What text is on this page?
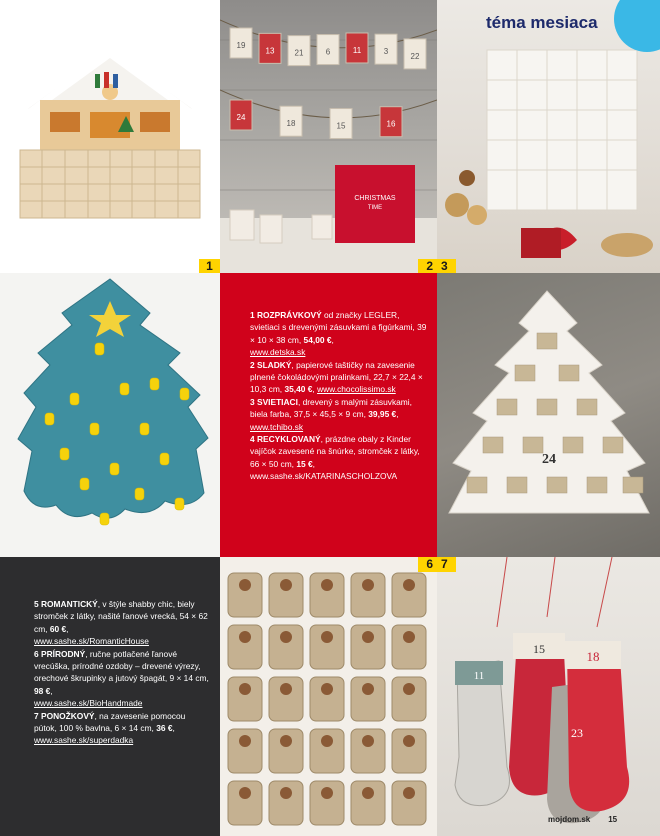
19
13	21	6	11	3
22
24
18	15	16
CHRISTMAS
TIME
téma mesiaca
1	2 3

1 ROZPRÁVKOVÝ od značky LEGLER, svietiaci s drevenými zásuvkami a figúrkami, 39 × 10 × 38 cm, 54,00 €,
www.detska.sk

2 SLADKÝ, papierové taštičky na zavesenie plnené čokoládovými pralinkami, 22,7 × 22,4 × 10,3 cm, 35,40 €, www.chocolissimo.sk

3 SVIETIACI, drevený s malými zásuvkami, biela farba, 37,5 × 45,5 × 9 cm, 39,95 €,
www.tchibo.sk

4 RECYKLOVANÝ, prázdne obaly z Kinder vajíčok zavesené na šnúrke, stromček z látky, 66 × 50 cm, 15 €,
www.sashe.sk/KATARINASCHOLZOVA

24

5 ROMANTICKÝ, v štýle shabby chic, biely stromček z látky, našité ľanové vrecká, 54 × 62 cm, 60 €,
www.sashe.sk/RomanticHouse

6 PRÍRODNÝ, ručne potlačené ľanové vrecúška, prírodné ozdoby – drevené výrezy, orechové škrupinky a jutový špagát, 9 × 14 cm, 98 €,
www.sashe.sk/BioHandmade

7 PONOŽKOVÝ, na zavesenie pomocou pútok, 100 % bavlna, 6 × 14 cm, 36 €,
www.sashe.sk/superdadka

15	18
11
23
6 7
mojdom.sk 15
